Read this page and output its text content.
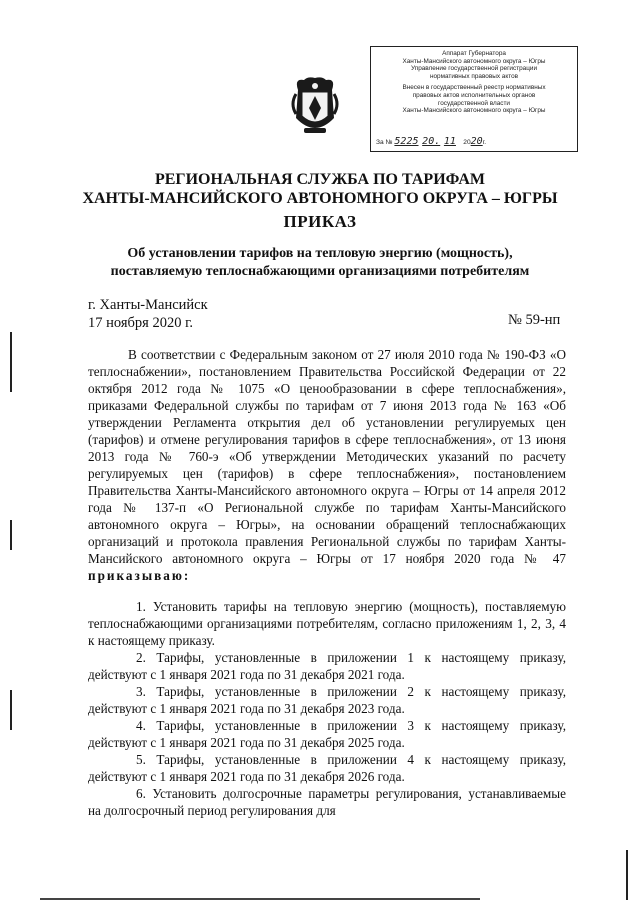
Аппарат Губернатора
Ханты-Мансийского автономного округа – Югры
Управление государственной регистрации
нормативных правовых актов
Внесен в государственный реестр нормативных
правовых актов исполнительных органов
государственной власти
Ханты-Мансийского автономного округа – Югры
За № 5225 20. 11 2020г.
РЕГИОНАЛЬНАЯ СЛУЖБА ПО ТАРИФАМ
ХАНТЫ-МАНСИЙСКОГО АВТОНОМНОГО ОКРУГА – ЮГРЫ
ПРИКАЗ
Об установлении тарифов на тепловую энергию (мощность),
поставляемую теплоснабжающими организациями потребителям
г. Ханты-Мансийск
17 ноября 2020 г.	№ 59-нп

В соответствии с Федеральным законом от 27 июля 2010 года № 190-ФЗ «О теплоснабжении», постановлением Правительства Российской Федерации от 22 октября 2012 года № 1075 «О ценообразовании в сфере теплоснабжения», приказами Федеральной службы по тарифам от 7 июня 2013 года № 163 «Об утверждении Регламента открытия дел об установлении регулируемых цен (тарифов) и отмене регулирования тарифов в сфере теплоснабжения», от 13 июня 2013 года № 760-э «Об утверждении Методических указаний по расчету регулируемых цен (тарифов) в сфере теплоснабжения», постановлением Правительства Ханты-Мансийского автономного округа – Югры от 14 апреля 2012 года № 137-п «О Региональной службе по тарифам Ханты-Мансийского автономного округа – Югры», на основании обращений теплоснабжающих организаций и протокола правления Региональной службы по тарифам Ханты-Мансийского автономного округа – Югры от 17 ноября 2020 года № 47 приказываю:

1. Установить тарифы на тепловую энергию (мощность), поставляемую теплоснабжающими организациями потребителям, согласно приложениям 1, 2, 3, 4 к настоящему приказу.
2. Тарифы, установленные в приложении 1 к настоящему приказу, действуют с 1 января 2021 года по 31 декабря 2021 года.
3. Тарифы, установленные в приложении 2 к настоящему приказу, действуют с 1 января 2021 года по 31 декабря 2023 года.
4. Тарифы, установленные в приложении 3 к настоящему приказу, действуют с 1 января 2021 года по 31 декабря 2025 года.
5. Тарифы, установленные в приложении 4 к настоящему приказу, действуют с 1 января 2021 года по 31 декабря 2026 года.
6. Установить долгосрочные параметры регулирования, устанавливаемые на долгосрочный период регулирования для
